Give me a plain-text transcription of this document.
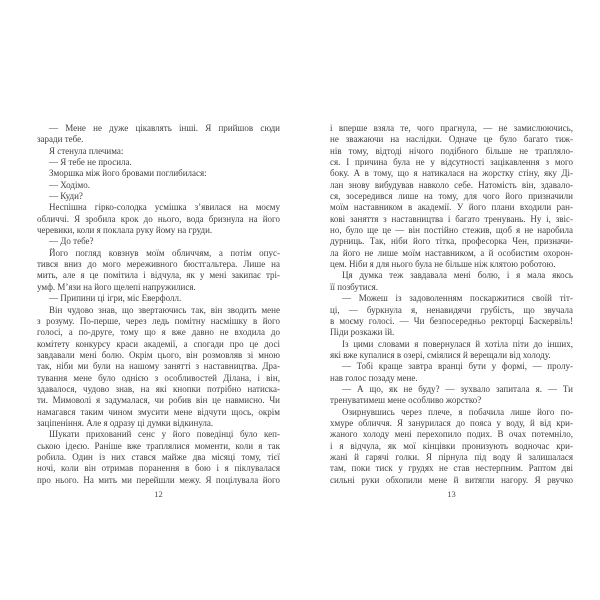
— Мене не дуже цікавлять інші. Я прийшов сюди
заради тебе.
Я стенула плечима:
— Я тебе не просила.
Зморшка між його бровами поглибилася:
— Ходімо.
— Куди?
Неспішна гірко-солодка усмішка з’явилася на моєму
обличчі. Я зробила крок до нього, вода бризнула на його
черевики, коли я поклала руку йому на груди.
— До тебе?
Його погляд ковзнув моїм обличчям, а потім опус-
тився вниз до мого мереживного бюстгальтера. Лише на
мить, але я це помітила і відчула, як у мені закипає трі-
умф. М’язи на його щелепі напружилися.
— Припини ці ігри, міс Еверфолл.
Він чудово знав, що звертаючись так, він зводить мене
з розуму. По-перше, через ледь помітну насмішку в його
голосі, а по-друге, тому що я вже давно не входила до
комітету конкурсу краси академії, а спогади про це досі
завдавали мені болю. Окрім цього, він розмовляв зі мною
так, ніби ми були на нашому занятті з наставництва. Дра-
тування мене було однією з особливостей Ділана, і він,
здавалося, чудово знав, на які кнопки потрібно натиска-
ти. Мимоволі я задумалася, чи робив він це навмисно. Чи
намагався таким чином змусити мене відчути щось, окрім
заціпеніння. Але я одразу ці думки відкинула.
Шукати прихований сенс у його поведінці було кеп-
ською ідеєю. Раніше вже траплялися моменти, коли я так
робила. Один із них стався майже два місяці тому, тієї
ночі, коли він отримав поранення в бою і я піклувалася
про нього. На мить ми перейшли межу. Я поцілувала його
12
і вперше взяла те, чого прагнула, — не замислюючись,
не зважаючи на наслідки. Одначе це було багато тиж-
нів тому, відтоді нічого подібного більше не трапляло-
ся. І причина була не у відсутності зацікавлення з мого
боку. А в тому, що я натикалася на жорстку стіну, яку Ді-
лан знову вибудував навколо себе. Натомість він, здавало-
ся, зосередився лише на тому, для чого його призначили
моїм наставником в академії. У його плани входили ран-
кові заняття з наставництва і багато тренувань. Ну і, звіс-
но, було ще це — він постійно стежив, щоб я не наробила
дурниць. Так, ніби його тітка, професорка Чен, призначи-
ла його не лише моїм наставником, а й особистим охорон-
цем. Ніби я для нього була не більше ніж клятою роботою.
Ця думка теж завдавала мені болю, і я мала якось
її позбутися.
— Можеш із задоволенням поскаржитися своїй тіт-
ці, — буркнула я, ненавидячи грубість, що звучала
в моєму голосі. — Чи безпосередньо ректорці Баскервіль!
Піди розкажи їй.
Із цими словами я повернулася й хотіла піти до інших,
які вже купалися в озері, сміялися й верещали від холоду.
— Тобі краще завтра вранці бути у формі, — пролу-
нав голос позаду мене.
— А що, як не буду? — зухвало запитала я. — Ти
тренуватимеш мене особливо жорстко?
Озирнувшись через плече, я побачила лише його по-
хмуре обличчя. Я занурилася до пояса у воду, й від кри-
жаного холоду мені перехопило подих. В очах потемніло,
і я відчула, як мої кінцівки пронизують водночас кри-
жані й гарячі голки. Я пірнула під воду й залишалася
там, поки тиск у грудях не став нестерпним. Раптом дві
сильні руки обхопили мене й витягли нагору. Я рвучко
13
